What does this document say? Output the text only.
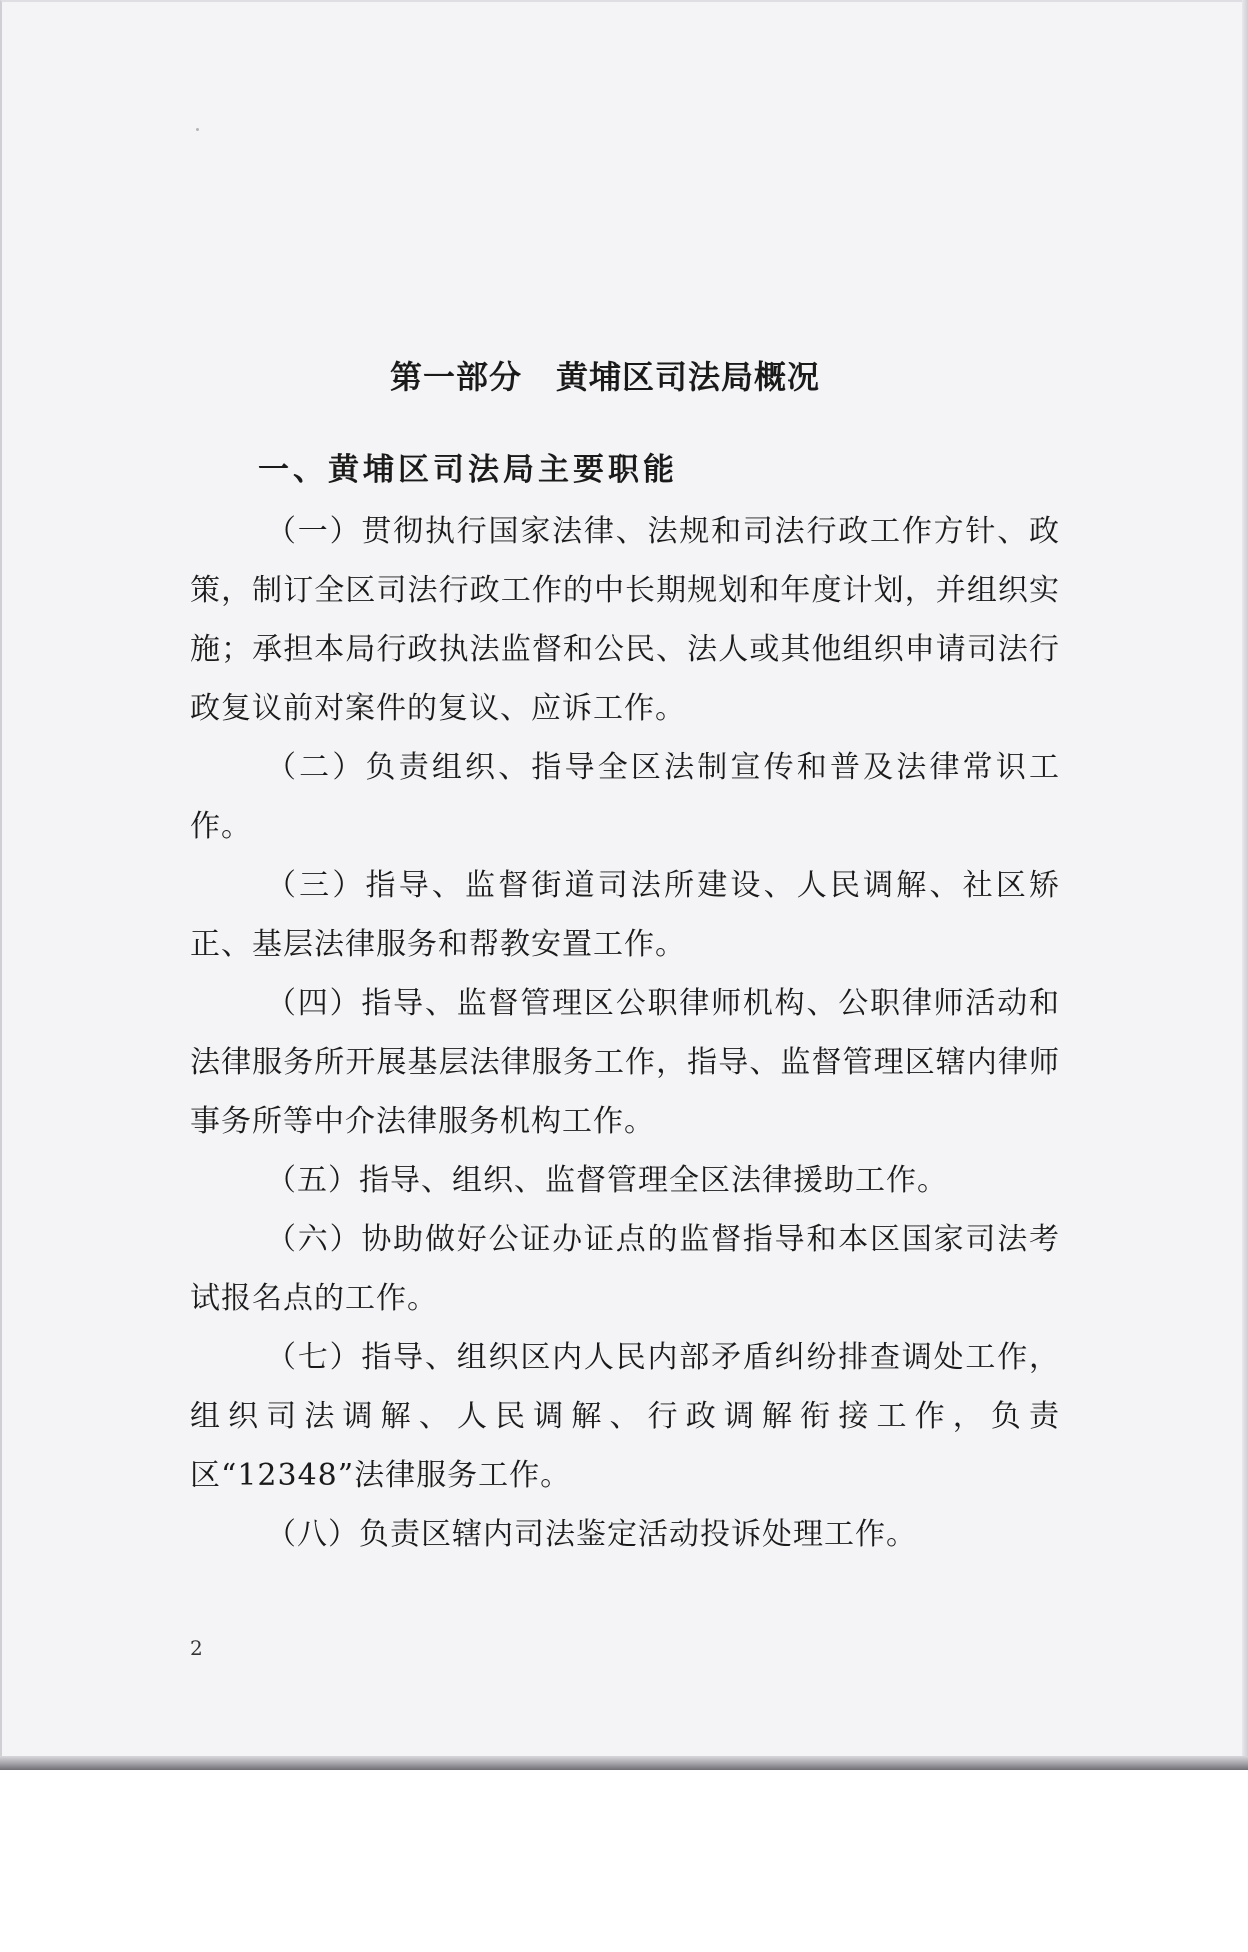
第一部分 黄埔区司法局概况
一、黄埔区司法局主要职能

（一）贯彻执行国家法律、法规和司法行政工作方针、政策，制订全区司法行政工作的中长期规划和年度计划，并组织实施；承担本局行政执法监督和公民、法人或其他组织申请司法行政复议前对案件的复议、应诉工作。

（二）负责组织、指导全区法制宣传和普及法律常识工作。

（三）指导、监督街道司法所建设、人民调解、社区矫正、基层法律服务和帮教安置工作。

（四）指导、监督管理区公职律师机构、公职律师活动和法律服务所开展基层法律服务工作，指导、监督管理区辖内律师事务所等中介法律服务机构工作。

（五）指导、组织、监督管理全区法律援助工作。

（六）协助做好公证办证点的监督指导和本区国家司法考试报名点的工作。

（七）指导、组织区内人民内部矛盾纠纷排查调处工作，组织司法调解、人民调解、行政调解衔接工作，负责区“12348”法律服务工作。

（八）负责区辖内司法鉴定活动投诉处理工作。

2
